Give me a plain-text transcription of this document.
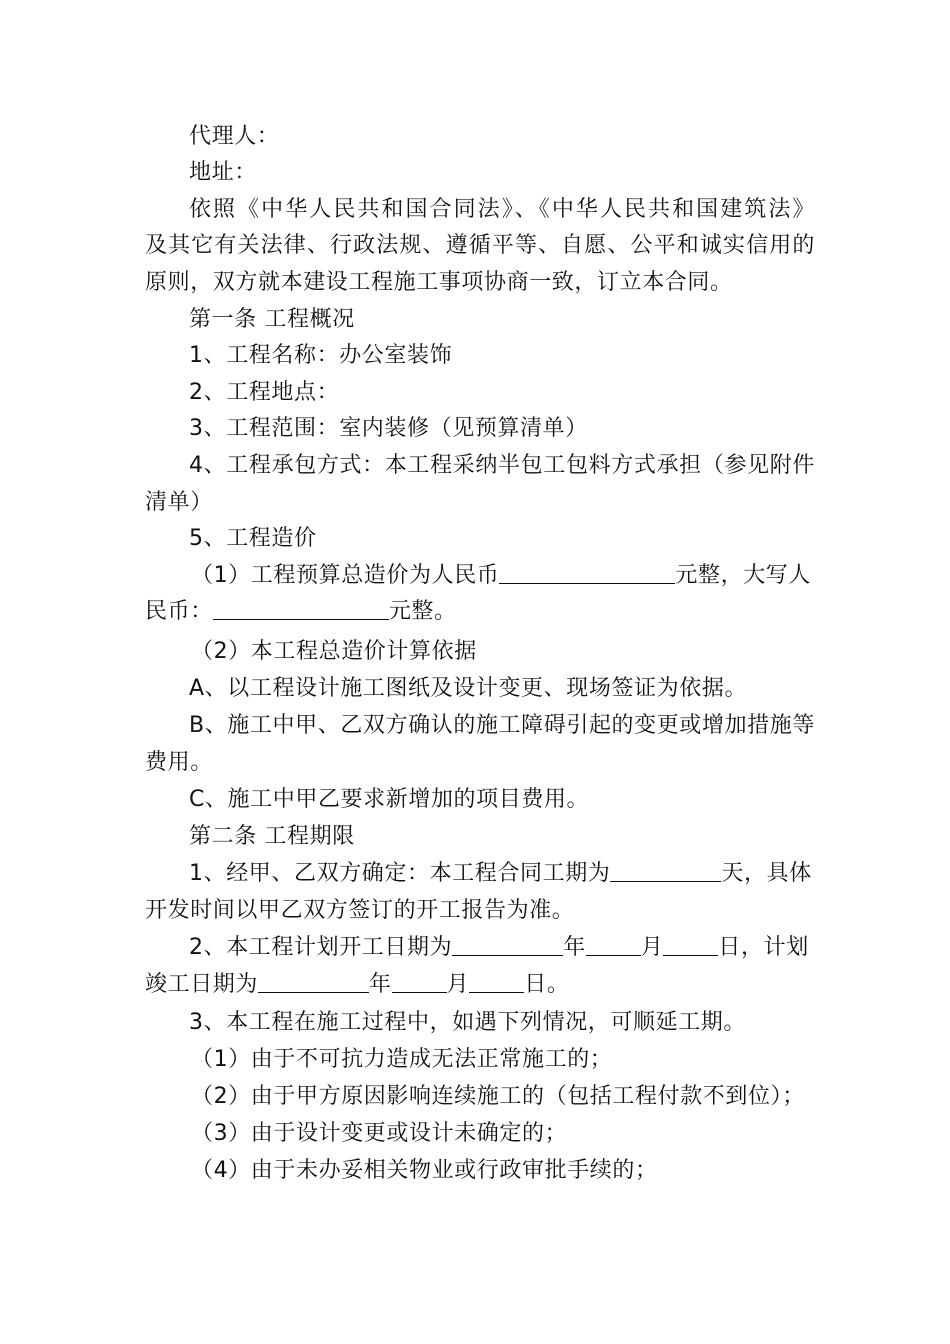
代理人：
地址：
依照《中华人民共和国合同法》、《中华人民共和国建筑法》
及其它有关法律、行政法规、遵循平等、自愿、公平和诚实信用的
原则，双方就本建设工程施工事项协商一致，订立本合同。
第一条 工程概况
1、工程名称：办公室装饰
2、工程地点：
3、工程范围：室内装修（见预算清单）
4、工程承包方式：本工程采纳半包工包料方式承担（参见附件
清单）
5、工程造价
（1）工程预算总造价为人民币	元整，大写人
民币：	元整。
（2）本工程总造价计算依据
A、以工程设计施工图纸及设计变更、现场签证为依据。
B、施工中甲、乙双方确认的施工障碍引起的变更或增加措施等
费用。
C、施工中甲乙要求新增加的项目费用。
第二条 工程期限
1、经甲、乙双方确定：本工程合同工期为	天，具体
开发时间以甲乙双方签订的开工报告为准。
2、本工程计划开工日期为	年	月	日，计划
竣工日期为	年	月	日。
3、本工程在施工过程中，如遇下列情况，可顺延工期。
（1）由于不可抗力造成无法正常施工的；
（2）由于甲方原因影响连续施工的（包括工程付款不到位）；
（3）由于设计变更或设计未确定的；
（4）由于未办妥相关物业或行政审批手续的；
